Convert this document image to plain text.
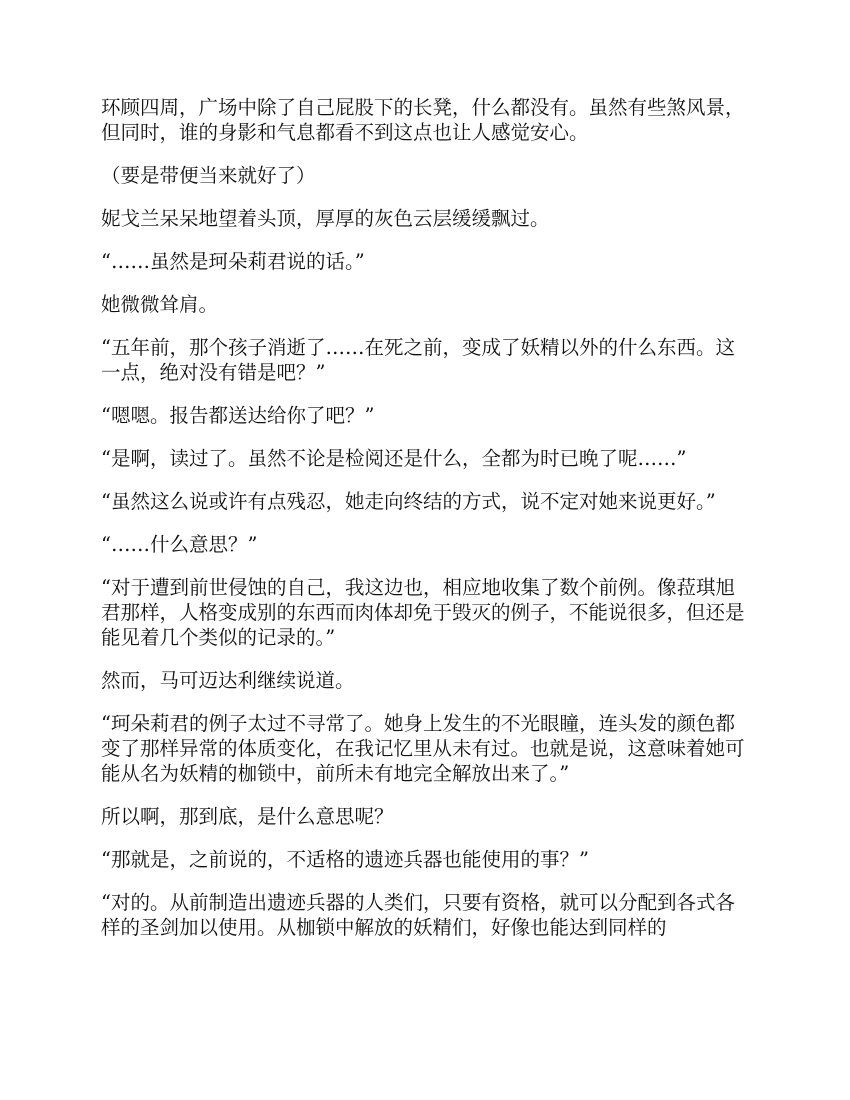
环顾四周，广场中除了自己屁股下的长凳，什么都没有。虽然有些煞风景，但同时，谁的身影和气息都看不到这点也让人感觉安心。

（要是带便当来就好了）

妮戈兰呆呆地望着头顶，厚厚的灰色云层缓缓飘过。

“……虽然是珂朵莉君说的话。”

她微微耸肩。

“五年前，那个孩子消逝了……在死之前，变成了妖精以外的什么东西。这一点，绝对没有错是吧？”

“嗯嗯。报告都送达给你了吧？”

“是啊，读过了。虽然不论是检阅还是什么，全都为时已晚了呢……”

“虽然这么说或许有点残忍，她走向终结的方式，说不定对她来说更好。”

“……什么意思？”

“对于遭到前世侵蚀的自己，我这边也，相应地收集了数个前例。像菈琪旭君那样，人格变成别的东西而肉体却免于毁灭的例子，不能说很多，但还是能见着几个类似的记录的。”

然而，马可迈达利继续说道。

“珂朵莉君的例子太过不寻常了。她身上发生的不光眼瞳，连头发的颜色都变了那样异常的体质变化，在我记忆里从未有过。也就是说，这意味着她可能从名为妖精的枷锁中，前所未有地完全解放出来了。”

所以啊，那到底，是什么意思呢？

“那就是，之前说的，不适格的遗迹兵器也能使用的事？”

“对的。从前制造出遗迹兵器的人类们，只要有资格，就可以分配到各式各样的圣剑加以使用。从枷锁中解放的妖精们，好像也能达到同样的
